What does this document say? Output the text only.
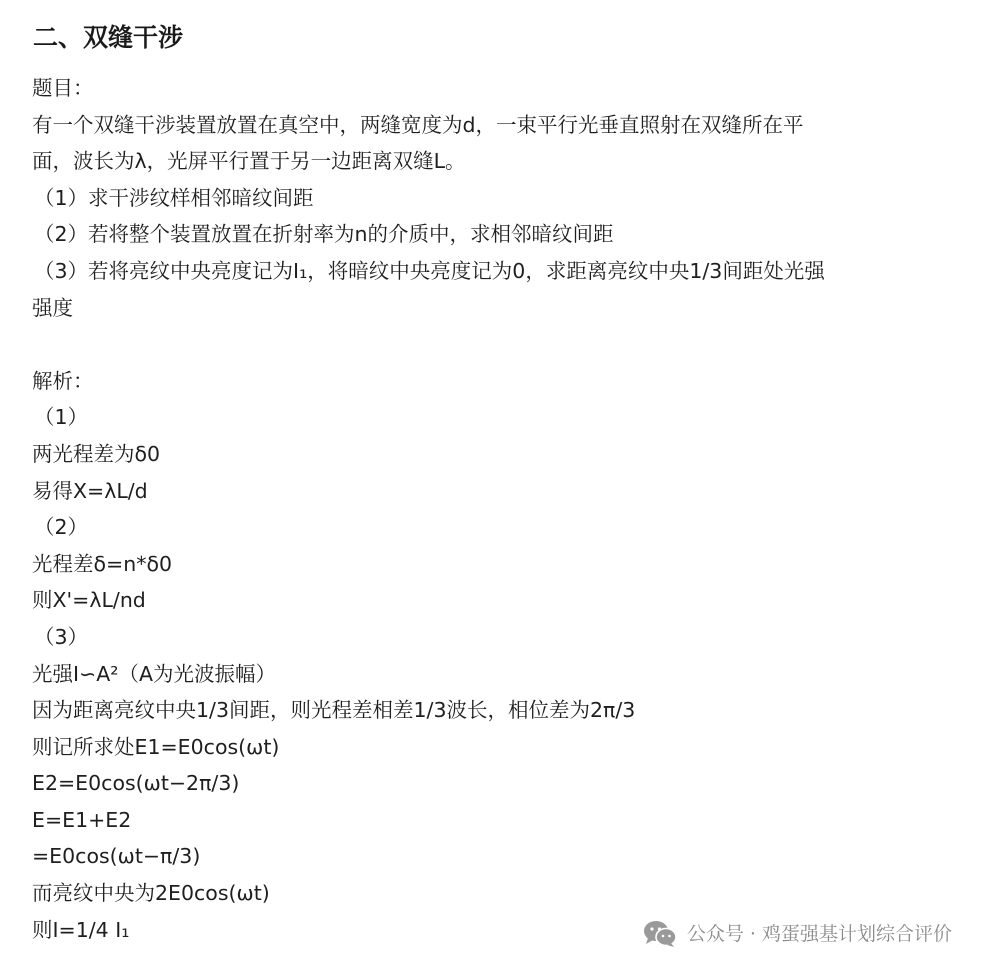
二、双缝干涉
题目：
有一个双缝干涉装置放置在真空中，两缝宽度为d，一束平行光垂直照射在双缝所在平
面，波长为λ，光屏平行置于另一边距离双缝L。
（1）求干涉纹样相邻暗纹间距
（2）若将整个装置放置在折射率为n的介质中，求相邻暗纹间距
（3）若将亮纹中央亮度记为I₁，将暗纹中央亮度记为0，求距离亮纹中央1/3间距处光强
强度
解析：
（1）
两光程差为δ0
易得X=λL/d
（2）
光程差δ=n*δ0
则X'=λL/nd
（3）
光强I∽A²（A为光波振幅）
因为距离亮纹中央1/3间距，则光程差相差1/3波长，相位差为2π/3
则记所求处E1=E0cos(ωt)
E2=E0cos(ωt−2π/3)
E=E1+E2
=E0cos(ωt−π/3)
而亮纹中央为2E0cos(ωt)
则I=1/4 I₁	公众号 · 鸡蛋强基计划综合评价
